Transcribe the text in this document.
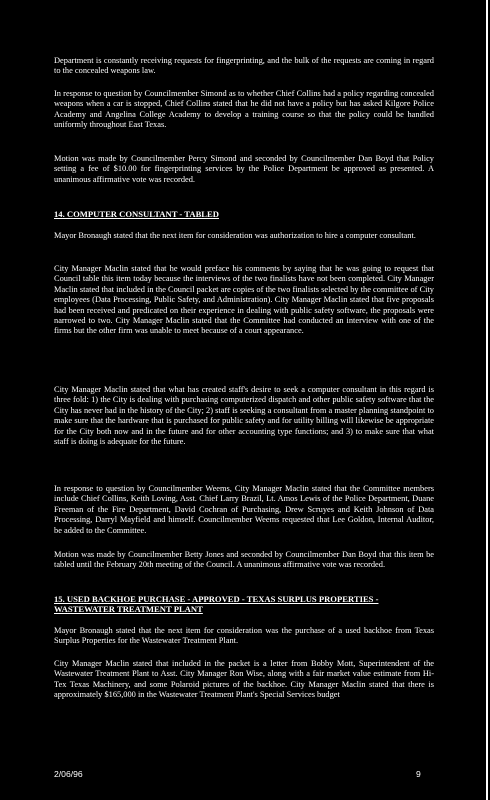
Department is constantly receiving requests for fingerprinting, and the bulk of the requests are coming in regard to the concealed weapons law.

In response to question by Councilmember Simond as to whether Chief Collins had a policy regarding concealed weapons when a car is stopped, Chief Collins stated that he did not have a policy but has asked Kilgore Police Academy and Angelina College Academy to develop a training course so that the policy could be handled uniformly throughout East Texas.

Motion was made by Councilmember Percy Simond and seconded by Councilmember Dan Boyd that Policy setting a fee of $10.00 for fingerprinting services by the Police Department be approved as presented. A unanimous affirmative vote was recorded.

14. COMPUTER CONSULTANT - TABLED

Mayor Bronaugh stated that the next item for consideration was authorization to hire a computer consultant.

City Manager Maclin stated that he would preface his comments by saying that he was going to request that Council table this item today because the interviews of the two finalists have not been completed. City Manager Maclin stated that included in the Council packet are copies of the two finalists selected by the committee of City employees (Data Processing, Public Safety, and Administration). City Manager Maclin stated that five proposals had been received and predicated on their experience in dealing with public safety software, the proposals were narrowed to two. City Manager Maclin stated that the Committee had conducted an interview with one of the firms but the other firm was unable to meet because of a court appearance.

City Manager Maclin stated that what has created staff's desire to seek a computer consultant in this regard is three fold: 1) the City is dealing with purchasing computerized dispatch and other public safety software that the City has never had in the history of the City; 2) staff is seeking a consultant from a master planning standpoint to make sure that the hardware that is purchased for public safety and for utility billing will likewise be appropriate for the City both now and in the future and for other accounting type functions; and 3) to make sure that what staff is doing is adequate for the future.

In response to question by Councilmember Weems, City Manager Maclin stated that the Committee members include Chief Collins, Keith Loving, Asst. Chief Larry Brazil, Lt. Amos Lewis of the Police Department, Duane Freeman of the Fire Department, David Cochran of Purchasing, Drew Scruyes and Keith Johnson of Data Processing, Darryl Mayfield and himself. Councilmember Weems requested that Lee Goldon, Internal Auditor, be added to the Committee.

Motion was made by Councilmember Betty Jones and seconded by Councilmember Dan Boyd that this item be tabled until the February 20th meeting of the Council. A unanimous affirmative vote was recorded.

15. USED BACKHOE PURCHASE - APPROVED - TEXAS SURPLUS PROPERTIES - WASTEWATER TREATMENT PLANT

Mayor Bronaugh stated that the next item for consideration was the purchase of a used backhoe from Texas Surplus Properties for the Wastewater Treatment Plant.

City Manager Maclin stated that included in the packet is a letter from Bobby Mott, Superintendent of the Wastewater Treatment Plant to Asst. City Manager Ron Wise, along with a fair market value estimate from Hi-Tex Texas Machinery, and some Polaroid pictures of the backhoe. City Manager Maclin stated that there is approximately $165,000 in the Wastewater Treatment Plant's Special Services budget

2/06/96	9
